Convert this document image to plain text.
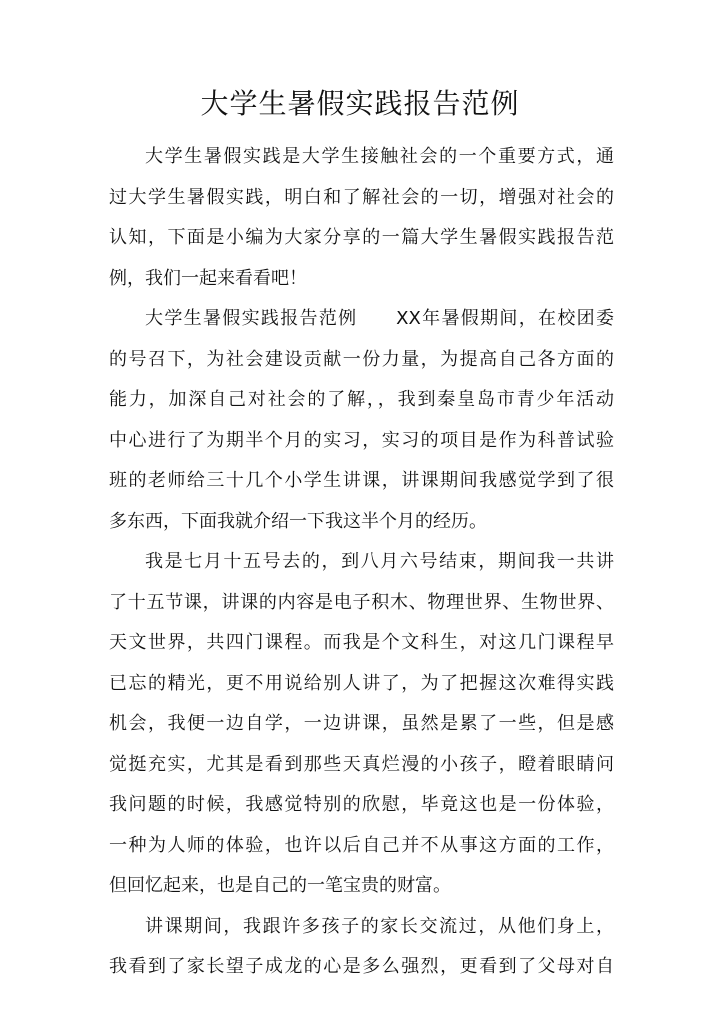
大学生暑假实践报告范例

大学生暑假实践是大学生接触社会的一个重要方式，通
过大学生暑假实践，明白和了解社会的一切，增强对社会的
认知，下面是小编为大家分享的一篇大学生暑假实践报告范
例，我们一起来看看吧！

大学生暑假实践报告范例　　XX年暑假期间，在校团委
的号召下，为社会建设贡献一份力量，为提高自己各方面的
能力，加深自己对社会的了解，，我到秦皇岛市青少年活动
中心进行了为期半个月的实习，实习的项目是作为科普试验
班的老师给三十几个小学生讲课，讲课期间我感觉学到了很
多东西，下面我就介绍一下我这半个月的经历。

我是七月十五号去的，到八月六号结束，期间我一共讲
了十五节课，讲课的内容是电子积木、物理世界、生物世界、
天文世界，共四门课程。而我是个文科生，对这几门课程早
已忘的精光，更不用说给别人讲了，为了把握这次难得实践
机会，我便一边自学，一边讲课，虽然是累了一些，但是感
觉挺充实，尤其是看到那些天真烂漫的小孩子，瞪着眼睛问
我问题的时候，我感觉特别的欣慰，毕竟这也是一份体验，
一种为人师的体验，也许以后自己并不从事这方面的工作，
但回忆起来，也是自己的一笔宝贵的财富。

讲课期间，我跟许多孩子的家长交流过，从他们身上，
我看到了家长望子成龙的心是多么强烈，更看到了父母对自
